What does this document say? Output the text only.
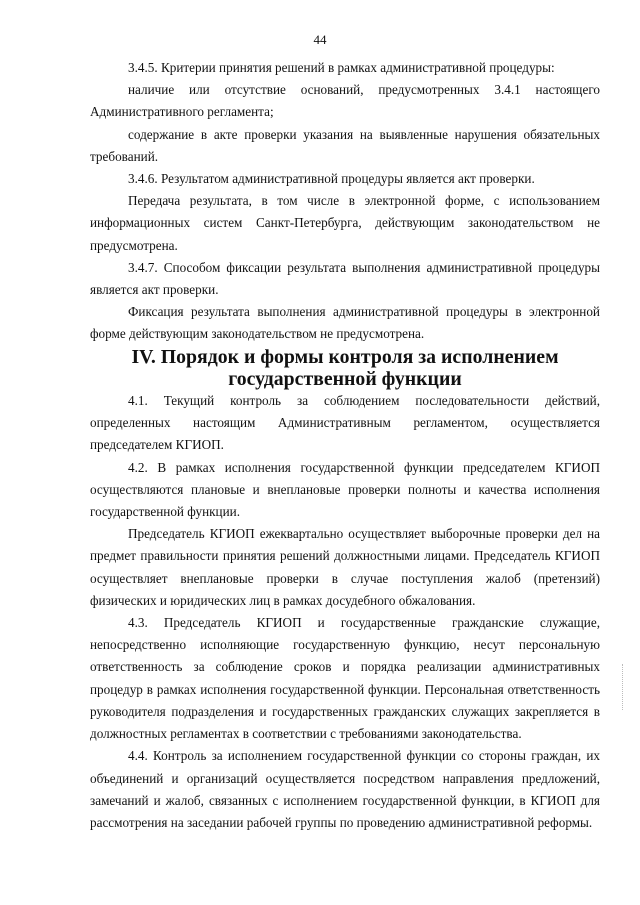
44

3.4.5. Критерии принятия решений в рамках административной процедуры:

наличие или отсутствие оснований, предусмотренных 3.4.1 настоящего Административного регламента;

содержание в акте проверки указания на выявленные нарушения обязательных требований.

3.4.6. Результатом административной процедуры является акт проверки.

Передача результата, в том числе в электронной форме, с использованием информационных систем Санкт-Петербурга, действующим законодательством не предусмотрена.

3.4.7. Способом фиксации результата выполнения административной процедуры является акт проверки.

Фиксация результата выполнения административной процедуры в электронной форме действующим законодательством не предусмотрена.

IV. Порядок и формы контроля за исполнением государственной функции

4.1. Текущий контроль за соблюдением последовательности действий, определенных настоящим Административным регламентом, осуществляется председателем КГИОП.

4.2. В рамках исполнения государственной функции председателем КГИОП осуществляются плановые и внеплановые проверки полноты и качества исполнения государственной функции.

Председатель КГИОП ежеквартально осуществляет выборочные проверки дел на предмет правильности принятия решений должностными лицами. Председатель КГИОП осуществляет внеплановые проверки в случае поступления жалоб (претензий) физических и юридических лиц в рамках досудебного обжалования.

4.3. Председатель КГИОП и государственные гражданские служащие, непосредственно исполняющие государственную функцию, несут персональную ответственность за соблюдение сроков и порядка реализации административных процедур в рамках исполнения государственной функции. Персональная ответственность руководителя подразделения и государственных гражданских служащих закрепляется в должностных регламентах в соответствии с требованиями законодательства.

4.4. Контроль за исполнением государственной функции со стороны граждан, их объединений и организаций осуществляется посредством направления предложений, замечаний и жалоб, связанных с исполнением государственной функции, в КГИОП для рассмотрения на заседании рабочей группы по проведению административной реформы.
